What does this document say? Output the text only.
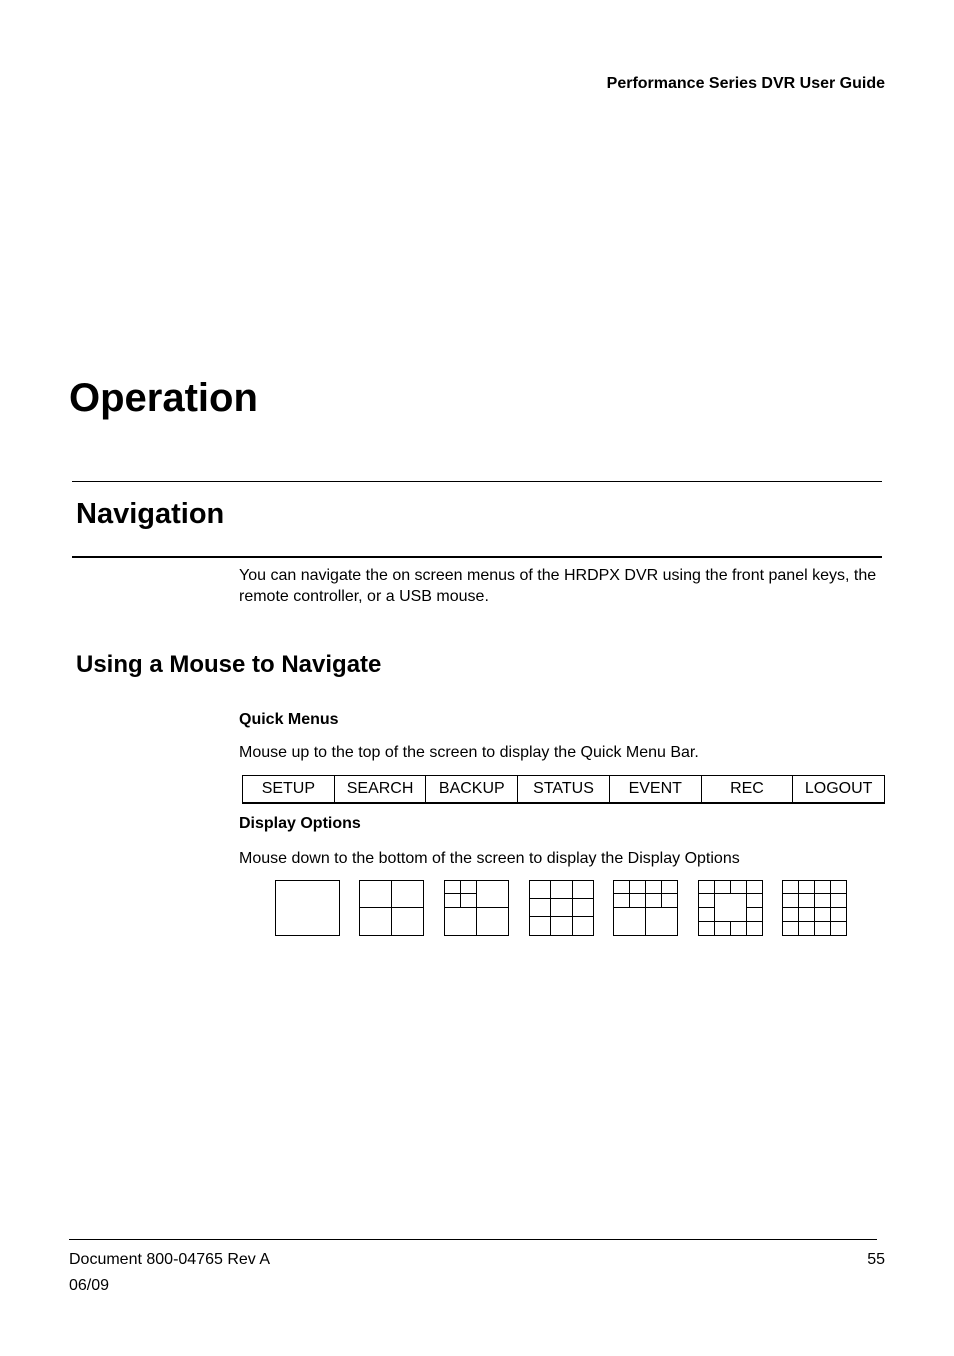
Performance Series DVR User Guide
Operation
Navigation

You can navigate the on screen menus of the HRDPX DVR using the front panel keys, the remote controller, or a USB mouse.

Using a Mouse to Navigate
Quick Menus
Mouse up to the top of the screen to display the Quick Menu Bar.
SETUP	SEARCH	BACKUP	STATUS	EVENT	REC	LOGOUT
Display Options
Mouse down to the bottom of the screen to display the Display Options
Document 800-04765 Rev A
06/09
55
